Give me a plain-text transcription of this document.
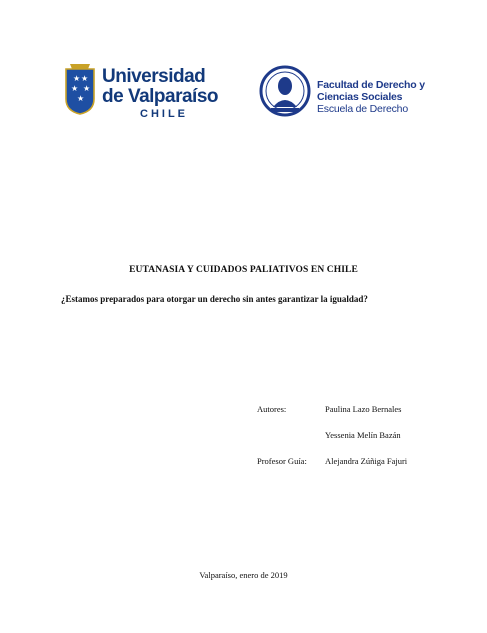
★ ★
★ ★
★
Universidad
de Valparaíso
CHILE
Facultad de Derecho y
Ciencias Sociales
Escuela de Derecho
EUTANASIA Y CUIDADOS PALIATIVOS EN CHILE
¿Estamos preparados para otorgar un derecho sin antes garantizar la igualdad?
Autores:	Paulina Lazo Bernales
Yessenia Melín Bazán
Profesor Guía: Alejandra Zúñiga Fajuri
Valparaíso, enero de 2019
